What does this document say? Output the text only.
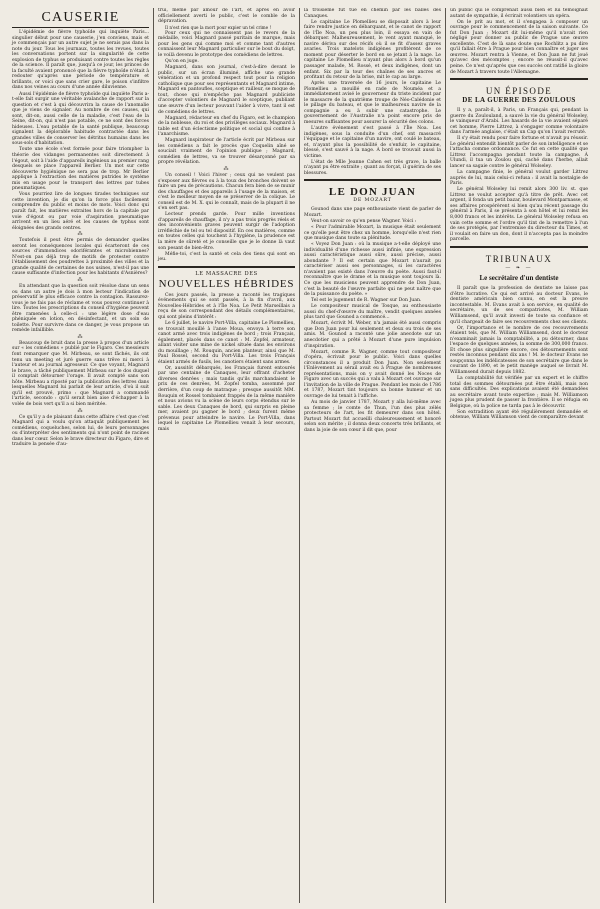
CAUSERIE

L'épidémie de fièvre typhoïde qui inquiète Paris... singulier début pour une causerie, j'en conviens, mais et je commençais par un autre sujet je ne serais pas dans la note du jour. Tous les journaux, toutes les revues, toutes les conversations portent sur la singularité de cette explosion de typhus se produisant contre toutes les règles de la science. Il paraît que, jusqu'à ce jour, les princes de la faculté avaient prononcé que la fièvre typhoïde n'était à redouter qu'après une période de température et brillants, or voici que sans crier gare, le poison s'infiltre dans nos veines au cours d'une année diluvienne.

Aussi l'épidémie de fièvre typhoïde qui inquiète Paris a-t-elle fait surgir une véritable avalanche de rapport sur la question et c'est à qui découvrira la cause de l'anomalie que je viens de signaler. Au nombre de ces causes, qui sont, dit-on, aussi celle de la maladie, c'est l'eau de la Seine, dit-on, qui n'est pas potable, ce ne sont des forces hideuses. L'eau potable de la santé publique, beaucoup signalent la déplorable habitude contractée dans les grandes villes de conserver les détritus humains dans les sous-sols d'habitation.

Toute une école s'est formée pour faire triompher la théorie des vidanges permanentes soit directement à l'égout, soit à l'aide d'appareils ingénieux au premier rang desquels se place l'appareil Berlier. Un mot sur cette découverte hygiénique ne sera pas de trop. Mr Berlier applique à l'extraction des matières putrides le système mis en usage pour le transport des lettres par tubes pneumatiques.

Vous pourriez lire de longues tirades techniques sur cette invention, je dis qu'on la force plus facilement comprendre du public et moins de mots. Voici donc qui paraît fait, les matières extraites hors de la capitale par voie d'égout ou par voie d'aspiration pneumatique arrivent en un lieu aéré et les causes de typhus sont éloignées des grands centres.

⁂

Toutefois il peut être permis de demander quelles seront les conséquences locales qui écarteront de ces sources d'immondices odoriférantes et microbiennes? N'est-on pas déjà trop de motifs de protester contre l'établissement des poudrettes à proximité des villes et la grande qualité de certaines de nos usines, n'est-il pas une cause suffisante d'infection pour les habitants d'Asnières?

⁂

En attendant que la question soit résolue dans un sens ou dans un autre je dois à mon lecteur l'indication de préservatif le plus efficace contre la contagion. Rassurez-vous je ne fais pas de réclame et vous pouvez continuer à lire. Toutes les prescriptions du conseil d'hygiène peuvent être ramenées à celle-ci : une légère dose d'eau phéniquée en lotion, en désinfectant, et un soin de toilette. Pour survivre dans ce danger, je vous propose un remède infaillible.

⁂

Beaucoup de bruit dans la presse à propos d'un article sur « les comédiens » publié par le Figaro. Ces messieurs font remarquer que M. Mirbeau, se sont fâchés, ils ont tenu un meeting et juré guerre sans trêve ni merci à l'auteur et au journal agresseur. Ce que voyant, Magnard le brave, a tâché publiquement Mirbeau sur le dos duquel il comptait détourner l'orage. Il avait compté sans son hôte. Mirbeau a riposté par la publication des lettres dans lesquelles Magnard lui parlait de leur article, d'où il suit qu'il est prouvé, primo : que Magnard a commandé l'article, secondo : qu'il serait bien aise d'échapper à la volée de bois vert qu'il a si bien méritée.

⁂

Ce qu'il y a de plaisant dans cette affaire c'est que c'est Magnard qui a voulu qu'on attaquât publiquement les comédiens, coqueluches, selon lui, de leurs personnages ou d'interpréter des sentiments qui n'ont point de racines dans leur cœur. Selon le brave directeur du Figaro, dire et traduire la pensée d'au-

trui, même par amour de l'art, et après en avoir officiellement averti le public, c'est le comble de la dépravation.

Il n'est rien que la mort pour expier un tel crime !

Pour ceux qui ne connaissent pas le revers de la médaille, voici Magnard passé puritain de marque, mais pour les gens qui comme moi et comme tant d'autres connaissent leur Magnard particulier sur le bout du doigt, le voilà devenu le prototype des comédiens de lettres.

Qu'on en juge.

Magnard, dans son journal, c'est-à-dire devant le public, sur un écran illuminé, affiche une grande vénération et un profond respect tout pour la religion catholique que pour ses représentants et Magnard intime, Magnard en pantoufles, sceptique et railleur, se moque de tout, chose qui n'empêche pas Magnard publiciste d'accepter volontiers de Magnard le sceptique, publiant une œuvre d'un lecteur pouvant l'aider à vivre, tant il est de comédiens de lettres.

Magnard, rédacteur en chef du Figaro, est le champion de la noblesse, du roi et des privilèges sociaux. Magnard à table est d'un éclectisme politique et social qui confine à l'anarchisme.

Magnard inspirateur de l'article écrit par Mirbeau sur les comédiens a fait le procès que Coquelin aîné se souciait vraiment de l'opinion publique ; Magnard, comédien de lettres, va se trouver désarçonné par sa propre révélation.

⁂

Un conseil ! Voici l'hiver ; ceux qui ne veulent pas s'exposer aux fièvres ou à la toux des bronches doivent se faire un peu de précautions. Chacun fera bien de se munir des chauffages et des appareils à l'usage de la maison, et c'est le meilleur moyen de se préserver de la colique. Le conseil est de M. X. qui le connaît, mais de la plupart il ne s'en sert pas.

Lecteur prends garde. Pour mille inventions d'appareils de chauffage, il n'y a pas trois progrès réels et des inconvénients graves peuvent surgir de l'adoption irréfléchie de tel ou tel dispositif. En ces matières, comme en toutes celles qui touchent à l'hygiène, la prudence est la mère de sûreté et je conseille que je le donne là vaut son pesant de bien-être.

Méfie-toi, c'est la santé et cela des tiens qui sont en jeu.

LE MASSACRE DES
NOUVELLES HÉBRIDES

Ces jours passés, la presse a raconté les tragiques événements qui se sont passés, à la fin d'avril, aux Nouvelles-Hébrides et à l'Île Noa. Le Petit Marseillais a reçu de son correspondant des détails complémentaires, qui sont pleins d'intérêt :

Le 6 juillet, le navire Port-Villa, capitaine Le Plomellieu, se trouvait mouillé à l'anse Moua, envoya à terre son canot armé avec trois indigènes de bord ; trois Français, également, placés dans ce canot : M. Zopfel, armateur, allant visiter une mine de nickel située dans les environs du mouillage ; M. Rouquin, ancien planteur, ainsi que M. Paul Rossel, second du Port-Villa. Les trois Français étaient armés de fusils, les canotiers étaient sans armes.

Or, aussitôt débarqués, les Français furent entourés par une centaine de Canaques, leur offrant d'acheter diverses denrées ; mais tandis qu'ils marchandaient le prix de ces denrées, M. Zopfel tomba, assommé par derrière, d'un coup de matraque ; presque aussitôt MM. Rouquin et Rossel tombaient frappés de la même manière et nous avions vu la scène de leurs corps étendus sur le sable. Les deux Canaques de bord, qui surpris en pleine mer, avaient pu gagner le bord ; deux furent même prévenus pour atteindre le navire. Le Port-Villa, dans lequel le capitaine Le Plomellieu venait à leur secours, mais

la troisième fut tué en chemin par les balles des Canaques.

Le capitaine Le Plomellieu se disposait alors à leur faire rendre justice en débarquant, et le canot de rapport de l'Île Noa, un peu plus loin, il essaya en vain de débarquer. Malheureusement, le vent ayant manqué, le navire dériva sur des récifs où il se fit d'assez graves avaries. Trois matelots indigènes profitèrent de ce moment pour déserter le bord en se jetant à la nage. Le capitaine Le Plomellieu n'ayant plus alors à bord qu'un passager malade, M. Rossé, et deux indigènes, dont un enfant. Six par la tour des chaînes de ses ancres et profitant du retour de la brise, mit le cap au large.

Après une traversée de 16 jours, le capitaine Le Plomellieu a mouillé en rade de Nouméa et a immédiatement avisé le gouverneur du triste incident par le massacre de la quatrième troupe de Néo-Calédonie et le pillage du bateau, et que le malheureux navire de la compagnie a eu à subir une catastrophe. Le gouvernement de l'Australie n'a point encore pris de mesures suffisantes pour assurer la sécurité des colons.

L'autre événement s'est passé à l'Île Noa. Les indigènes, sous la conduite d'un chef, ont massacré l'équipage et le capitaine d'un navire, ont coulé le bateau, et, n'ayant plus la possibilité de s'enfuir, le capitaine, blessé, s'est sauvé à la nage. À bord se trouvait aussi la victime.

L'état de Mlle Jeanne Cahen est très grave, la balle n'ayant pu être extraite ; quant au forçat, il guérira de ses blessures.

LE DON JUAN
DE MOZART

Gounod dans une page enthousiaste vient de parler de Mozart.

Veut-on savoir ce qu'en pense Wagner. Voici :

« Pour l'admirable Mozart, la musique était seulement ce qu'elle peut être chez un homme, lorsqu'elle n'est rien que musique dans toute sa plénitude.

« Voyez Don Juan : où la musique a-t-elle déployé une individualité d'une richesse aussi infinie, une expression aussi caractéristique aussi sûre, aussi précise, aussi abondante ? Il est certain que Mozart n'aurait pu caractériser aussi ses personnages, si les caractères n'avaient pas existé dans l'œuvre du poète. Aussi faut-il reconnaître que le drame et la musique sont toujours là. Ce que les musiciens peuvent apprendre de Don Juan, c'est la beauté de l'œuvre parfaite qui ne peut naître que de la puissance du poète. »

Tel est le jugement de R. Wagner sur Don Juan.

Le compositeur musical de Tosque, au enthousiaste aussi du chef-d'œuvre du maître, vendit quelques années plus tard que Gounod a commencé...

Mozart, écrivit M. Weber, n'a jamais été aussi compris que Don Juan pour lui seulement et deux ou trois de ses amis. M. Gounod a raconté une jolie anecdote sur un anecdotier qui a prêté à Mozart d'une pure impulsion d'inspiration.

Mozart, comme R. Wagner, comme tout compositeur d'opéra, écrivait pour le public. Voici dans quelles circonstances il a produit Don Juan. Non seulement l'Enlèvement au sérail avait eu à Prague de nombreuses représentations, mais on y avait donné les Noces de Figaro avec un succès qui a valu à Mozart cet ouvrage sur l'invitation de la ville de Prague. Pendant les mois de 1786 et 1787, Mozart tint toujours sa bonne humeur et un ouvrage de lui tenait à l'affiche.

Au mois de janvier 1787, Mozart y alla lui-même avec sa femme ; le comte de Thun, l'un des plus zélés protecteurs de l'art, les fit demeurer dans son hôtel. Partout Mozart fut accueilli chaleureusement et honoré selon son mérite ; il donna deux concerts très brillants, et dans la joie de son cœur il dit que, pour

un public qui le comprenait aussi bien et lui témoignait autant de sympathie, il écrirait volontiers un opéra.

On le prit au mot, et il s'engagea à composer un ouvrage pour le commencement de la saison suivante. Ce fut Don Juan ; Mozart dit lui-même qu'il n'avait rien négligé pour donner au public de Prague une œuvre excellente. C'est de là sans doute que Rochlitz a pu dire qu'il fallait être à Prague pour bien connaître et juger ses œuvres. Mozart rentra à Vienne, et Don Juan ne fut joué qu'avec des mécomptes ; encore ne réussit-il qu'avec peine. Ce n'est qu'après que ces succès ont ratifié la gloire de Mozart à travers toute l'Allemagne.

UN ÉPISODE
DE LA GUERRE DES ZOULOUS

Il y a, paraît-il, à Paris, un Français qui, pendant la guerre du Zoulouland, a sauvé la vie du général Wolseley, le vainqueur d'Arabi. Les hasards de la vie avaient séparé cet homme, Pierre Littrez, à s'engager comme volontaire dans l'armée anglaise, c'était un Cap qu'on l'avait recruté.

Il s'y était rendu pour faire fortune et n'avait pu réussir. Le général entendit bientôt parler de son intelligence et se l'attacha comme ordonnance. Ce fut en cette qualité que Littrez l'accompagna pendant toute la campagne. À Ulundi, il tua un Zoulou qui, caché dans l'herbe, allait lancer sa sagaie contre le général Wolseley.

La campagne finie, le général voulut garder Littrez auprès de lui, mais celui-ci refusa : il avait la nostalgie de Paris.

Le général Wolseley lui remit alors 300 liv. st. que Littrez ne voulut accepter qu'à titre de prêt. Avec cet argent, il fonda un petit bazar, boulevard Montparnasse, et ses affaires prospérèrent si bien qu'au récent passage du général à Paris, il se présenta à son hôtel et lui remit les 8,000 francs et les intérêts. Le général Wolseley refusa en vain cette somme et l'ordre qu'il tint de la remettre à l'un de ses protégés, par l'entremise du directeur du Times, et il voulait en faire un don, dont il n'accepta pas la moindre parcelle.

TRIBUNAUX
— ❧ —
Le secrétaire d'un dentiste

Il paraît que la profession de dentiste ne laisse pas d'être lucrative. Ce qui est arrivé au docteur Evans, le dentiste américain bien connu, en est la preuve incontestable. M. Evans avait à son service, en qualité de secrétaire, un de ses compatriotes, M. William Williamsend, qu'il avait investi de toute sa confiance et qu'il chargeait de faire ses recouvrements chez ses clients.

Or, l'importance et le nombre de ces recouvrements étaient tels, que M. William Williamsend, dont le docteur n'examinait jamais la comptabilité, a pu détourner, dans l'espace de quelques années, la somme de 300,000 francs. Et chose plus singulière encore, ces détournements sont restés inconnus pendant dix ans ! M. le docteur Evans ne soupçonna les indélicatesses de son secrétaire que dans le courant de 1890, et le petit manège auquel se livrait M. Williamsend durait depuis 1882.

La comptabilité fut vérifiée par un expert et le chiffre total des sommes détournées put être établi, mais non sans difficultés. Des explications avaient été demandées au secrétaire avant toute expertise ; mais M. Williamson jugea plus prudent de passer la frontière. Il se réfugia en Belgique, où la police ne tarda pas à le découvrir.

Son extradition ayant été régulièrement demandée et obtenue, William Williamson vient de comparaître devant
